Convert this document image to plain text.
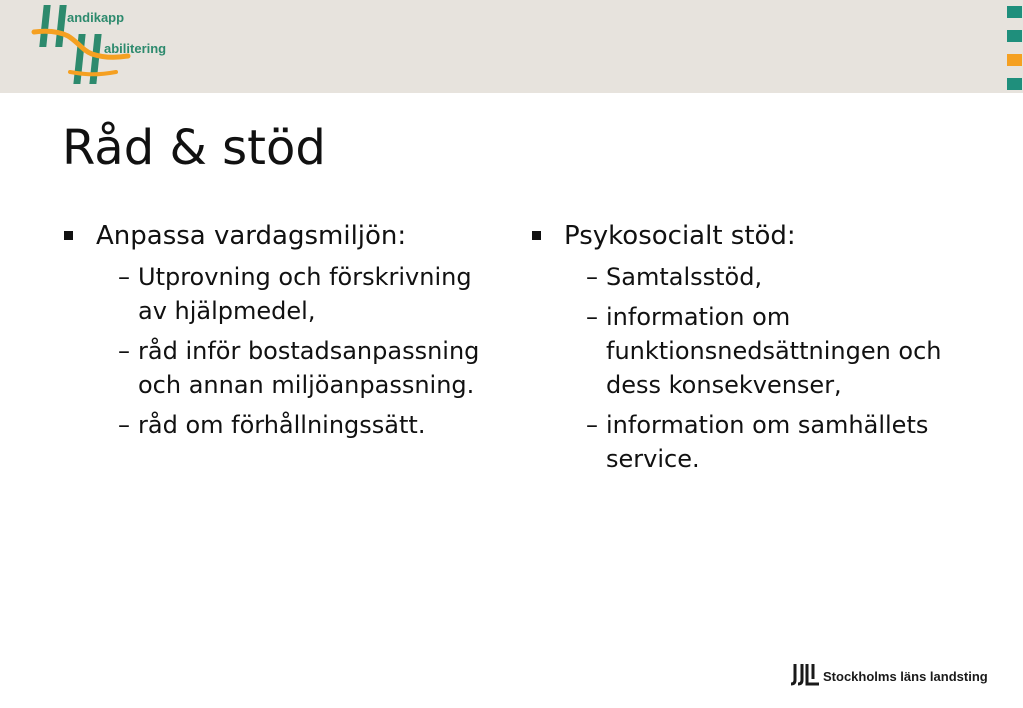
andikapp
abilitering
Råd & stöd
Anpassa vardagsmiljön:
– Utprovning och förskrivning av hjälpmedel,
– råd inför bostadsanpassning och annan miljöanpassning.
– råd om förhållningssätt.
Psykosocialt stöd:
– Samtalsstöd,
– information om funktionsnedsättningen och dess konsekvenser,
– information om samhällets service.
Stockholms läns landsting
